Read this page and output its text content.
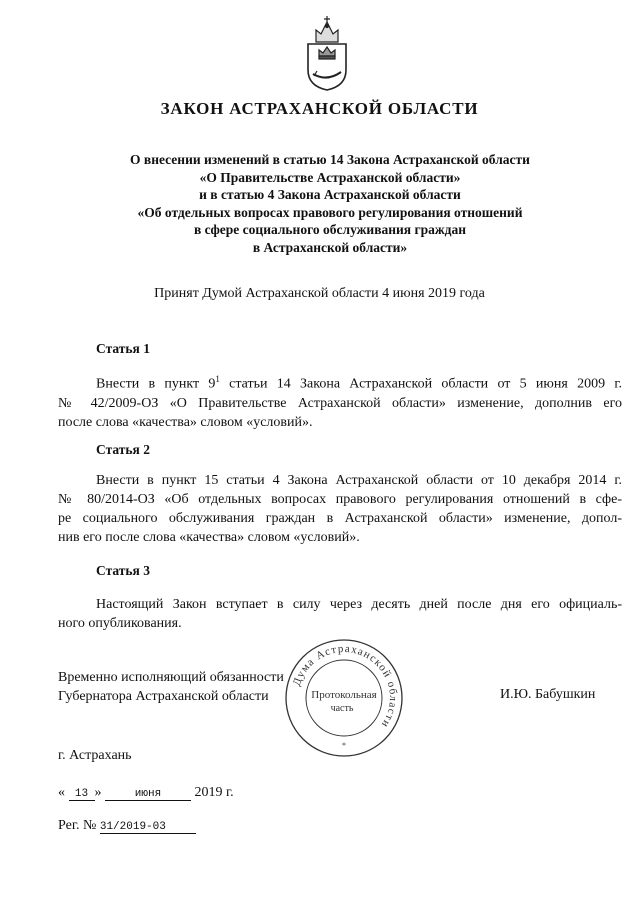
ЗАКОН АСТРАХАНСКОЙ ОБЛАСТИ
О внесении изменений в статью 14 Закона Астраханской области
«О Правительстве Астраханской области»
и в статью 4 Закона Астраханской области
«Об отдельных вопросах правового регулирования отношений
в сфере социального обслуживания граждан
в Астраханской области»
Принят Думой Астраханской области 4 июня 2019 года
Статья 1
Внести в пункт $9^1$ статьи 14 Закона Астраханской области от 5 июня 2009 г.
№ 42/2009-ОЗ «О Правительстве Астраханской области» изменение, дополнив его
после слова «качества» словом «условий».
Статья 2
Внести в пункт 15 статьи 4 Закона Астраханской области от 10 декабря 2014 г.
№ 80/2014-ОЗ «Об отдельных вопросах правового регулирования отношений в сфе-
ре социального обслуживания граждан в Астраханской области» изменение, допол-
нив его после слова «качества» словом «условий».
Статья 3
Настоящий Закон вступает в силу через десять дней после дня его официаль-
ного опубликования.
Временно исполняющий обязанности
Губернатора Астраханской области	И.Ю. Бабушкин
Дума Астраханской области
Протокольная
часть
*
г. Астрахань
« 13 »	июня 2019 г.
Рег. № 31/2019-03
